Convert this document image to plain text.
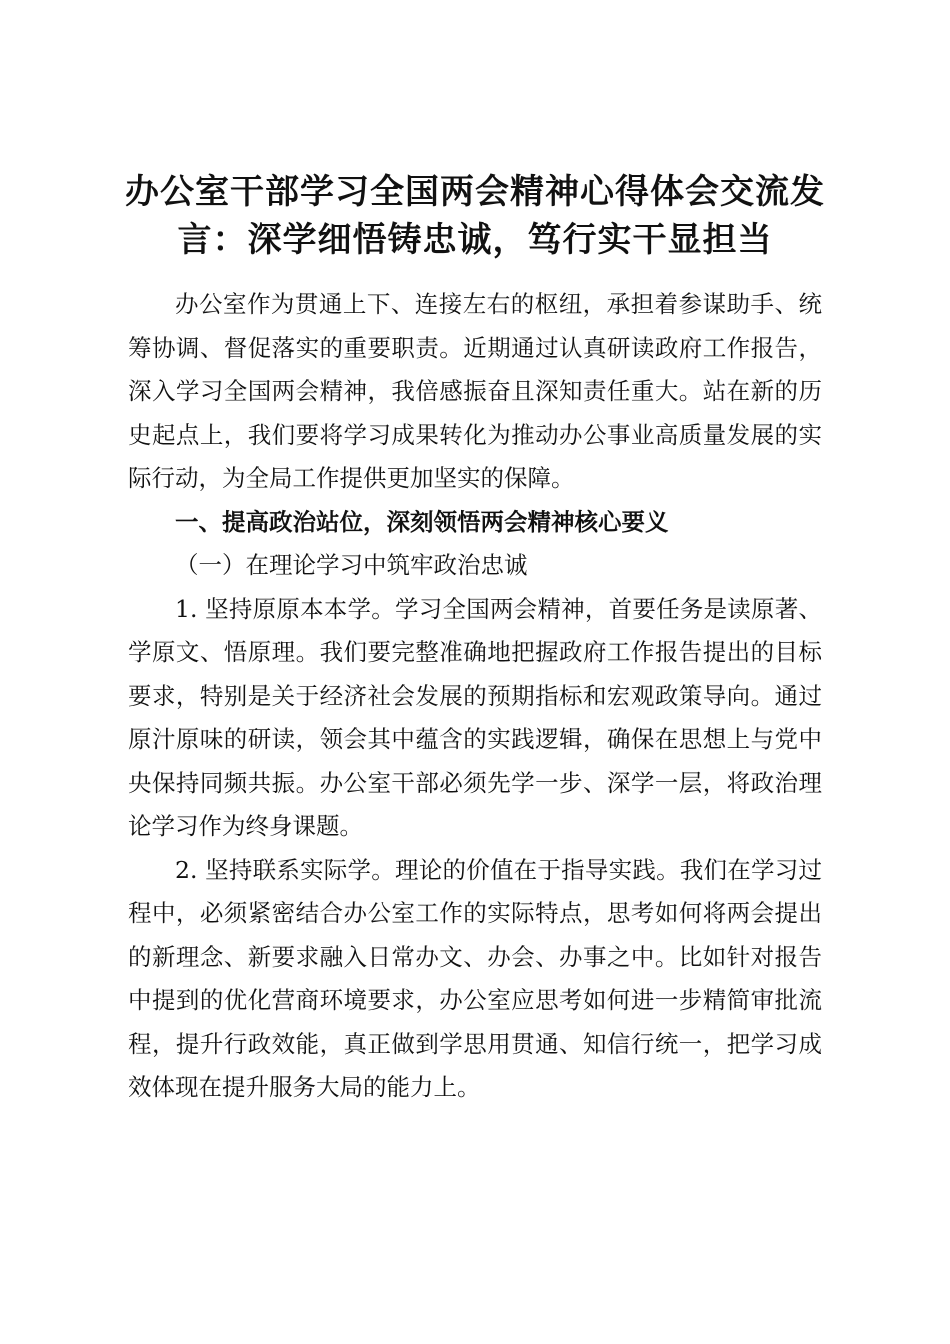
办公室干部学习全国两会精神心得体会交流发言：深学细悟铸忠诚，笃行实干显担当

办公室作为贯通上下、连接左右的枢纽，承担着参谋助手、统筹协调、督促落实的重要职责。近期通过认真研读政府工作报告，深入学习全国两会精神，我倍感振奋且深知责任重大。站在新的历史起点上，我们要将学习成果转化为推动办公事业高质量发展的实际行动，为全局工作提供更加坚实的保障。

一、提高政治站位，深刻领悟两会精神核心要义

（一）在理论学习中筑牢政治忠诚

1. 坚持原原本本学。学习全国两会精神，首要任务是读原著、学原文、悟原理。我们要完整准确地把握政府工作报告提出的目标要求，特别是关于经济社会发展的预期指标和宏观政策导向。通过原汁原味的研读，领会其中蕴含的实践逻辑，确保在思想上与党中央保持同频共振。办公室干部必须先学一步、深学一层，将政治理论学习作为终身课题。

2. 坚持联系实际学。理论的价值在于指导实践。我们在学习过程中，必须紧密结合办公室工作的实际特点，思考如何将两会提出的新理念、新要求融入日常办文、办会、办事之中。比如针对报告中提到的优化营商环境要求，办公室应思考如何进一步精简审批流程，提升行政效能，真正做到学思用贯通、知信行统一，把学习成效体现在提升服务大局的能力上。
